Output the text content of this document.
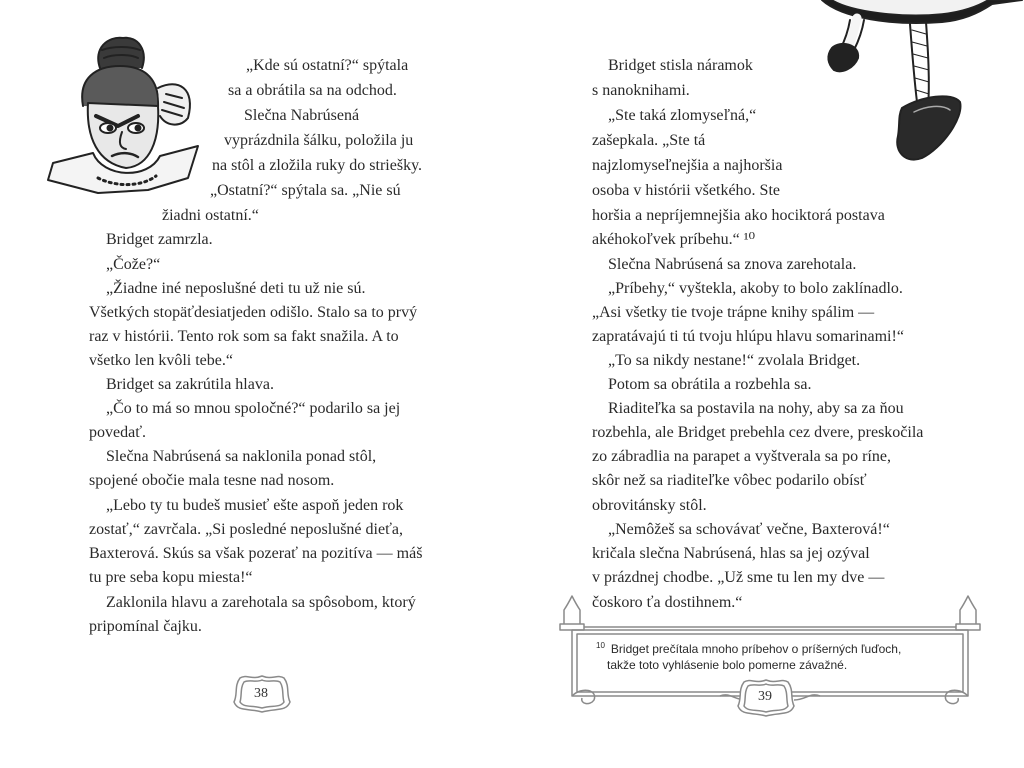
„Kde sú ostatní?“ spýtala
sa a obrátila sa na odchod.
Slečna Nabrúsená
vyprázdnila šálku, položila ju
na stôl a zložila ruky do striešky.
„Ostatní?“ spýtala sa. „Nie sú
žiadni ostatní.“
Bridget zamrzla.
„Čože?“
„Žiadne iné neposlušné deti tu už nie sú.
Všetkých stopäťdesiatjeden odišlo. Stalo sa to prvý
raz v histórii. Tento rok som sa fakt snažila. A to
všetko len kvôli tebe.“
Bridget sa zakrútila hlava.
„Čo to má so mnou spoločné?“ podarilo sa jej
povedať.
Slečna Nabrúsená sa naklonila ponad stôl,
spojené obočie mala tesne nad nosom.
„Lebo ty tu budeš musieť ešte aspoň jeden rok
zostať,“ zavrčala. „Si posledné neposlušné dieťa,
Baxterová. Skús sa však pozerať na pozitíva — máš
tu pre seba kopu miesta!“
Zaklonila hlavu a zarehotala sa spôsobom, ktorý
pripomínal čajku.
38
Bridget stisla náramok
s nanoknihami.
„Ste taká zlomyseľná,“
zašepkala. „Ste tá
najzlomyseľnejšia a najhoršia
osoba v histórii všetkého. Ste
horšia a nepríjemnejšia ako hociktorá postava
akéhokoľvek príbehu.“ ¹⁰
Slečna Nabrúsená sa znova zarehotala.
„Príbehy,“ vyštekla, akoby to bolo zaklínadlo.
„Asi všetky tie tvoje trápne knihy spálim —
zapratávajú ti tú tvoju hlúpu hlavu somarinami!“
„To sa nikdy nestane!“ zvolala Bridget.
Potom sa obrátila a rozbehla sa.
Riaditeľka sa postavila na nohy, aby sa za ňou
rozbehla, ale Bridget prebehla cez dvere, preskočila
zo zábradlia na parapet a vyštverala sa po ríne,
skôr než sa riaditeľke vôbec podarilo obísť
obrovitánsky stôl.
„Nemôžeš sa schovávať večne, Baxterová!“
kričala slečna Nabrúsená, hlas sa jej ozýval
v prázdnej chodbe. „Už sme tu len my dve —
čoskoro ťa dostihnem.“
39
$^{10}$ Bridget prečítala mnoho príbehov o príšerných ľuďoch,
takže toto vyhlásenie bolo pomerne závažné.
